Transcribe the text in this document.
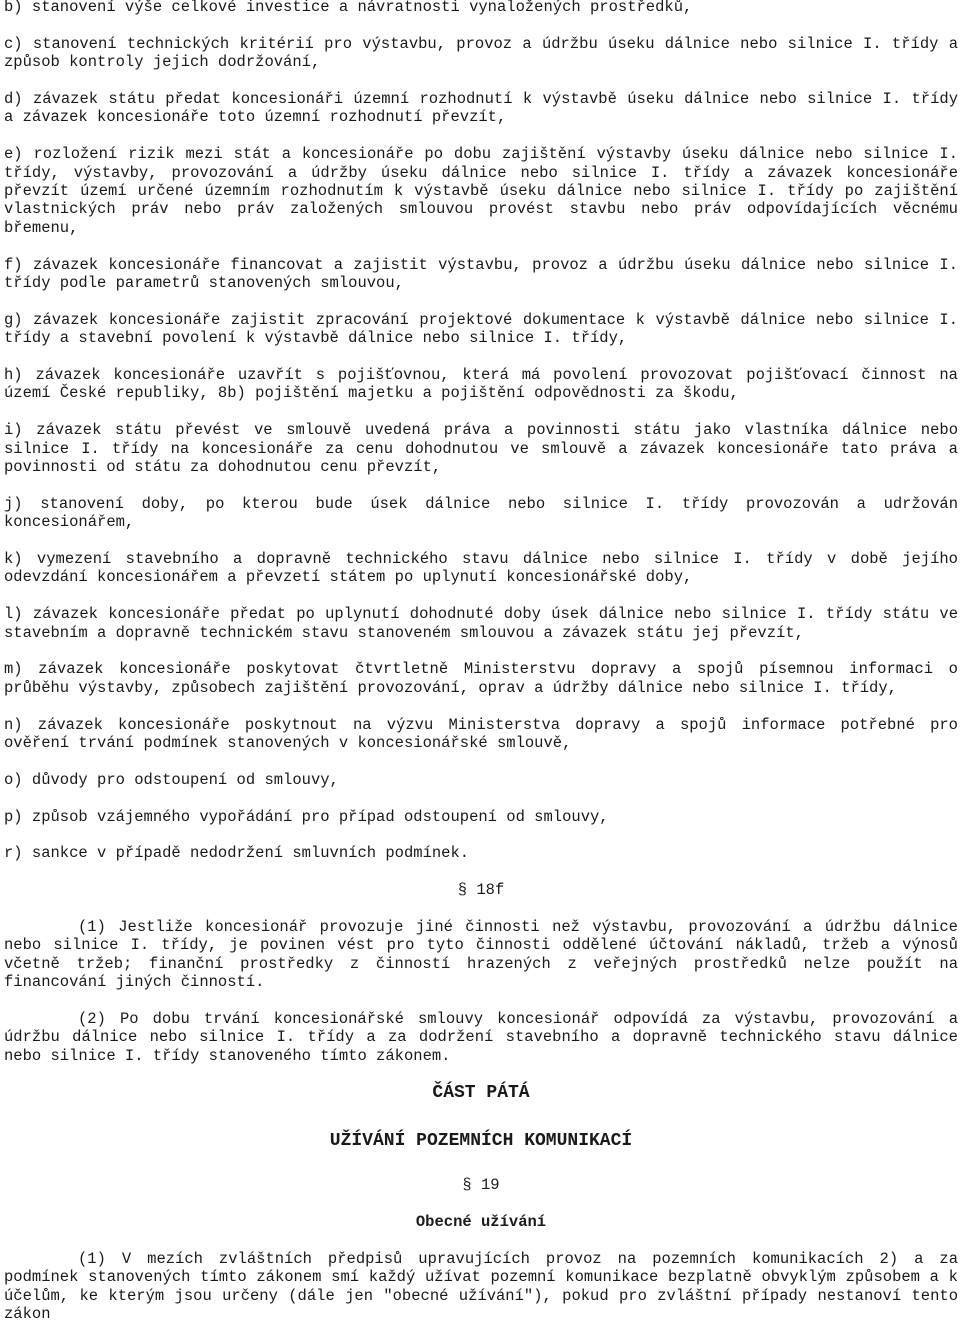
b) stanovení výše celkové investice a návratnosti vynaložených prostředků,

c) stanovení technických kritérií pro výstavbu, provoz a údržbu úseku dálnice nebo silnice I. třídy a způsob kontroly jejich dodržování,

d) závazek státu předat koncesionáři územní rozhodnutí k výstavbě úseku dálnice nebo silnice I. třídy a závazek koncesionáře toto územní rozhodnutí převzít,

e) rozložení rizik mezi stát a koncesionáře po dobu zajištění výstavby úseku dálnice nebo silnice I. třídy, výstavby, provozování a údržby úseku dálnice nebo silnice I. třídy a závazek koncesionáře převzít území určené územním rozhodnutím k výstavbě úseku dálnice nebo silnice I. třídy po zajištění vlastnických práv nebo práv založených smlouvou provést stavbu nebo práv odpovídajících věcnému břemenu,

f) závazek koncesionáře financovat a zajistit výstavbu, provoz a údržbu úseku dálnice nebo silnice I. třídy podle parametrů stanovených smlouvou,

g) závazek koncesionáře zajistit zpracování projektové dokumentace k výstavbě dálnice nebo silnice I. třídy a stavební povolení k výstavbě dálnice nebo silnice I. třídy,

h) závazek koncesionáře uzavřít s pojišťovnou, která má povolení provozovat pojišťovací činnost na území České republiky, 8b) pojištění majetku a pojištění odpovědnosti za škodu,

i) závazek státu převést ve smlouvě uvedená práva a povinnosti státu jako vlastníka dálnice nebo silnice I. třídy na koncesionáře za cenu dohodnutou ve smlouvě a závazek koncesionáře tato práva a povinnosti od státu za dohodnutou cenu převzít,

j) stanovení doby, po kterou bude úsek dálnice nebo silnice I. třídy provozován a udržován koncesionářem,

k) vymezení stavebního a dopravně technického stavu dálnice nebo silnice I. třídy v době jejího odevzdání koncesionářem a převzetí státem po uplynutí koncesionářské doby,

l) závazek koncesionáře předat po uplynutí dohodnuté doby úsek dálnice nebo silnice I. třídy státu ve stavebním a dopravně technickém stavu stanoveném smlouvou a závazek státu jej převzít,

m) závazek koncesionáře poskytovat čtvrtletně Ministerstvu dopravy a spojů písemnou informaci o průběhu výstavby, způsobech zajištění provozování, oprav a údržby dálnice nebo silnice I. třídy,

n) závazek koncesionáře poskytnout na výzvu Ministerstva dopravy a spojů informace potřebné pro ověření trvání podmínek stanovených v koncesionářské smlouvě,

o) důvody pro odstoupení od smlouvy,

p) způsob vzájemného vypořádání pro případ odstoupení od smlouvy,

r) sankce v případě nedodržení smluvních podmínek.

§ 18f

(1) Jestliže koncesionář provozuje jiné činnosti než výstavbu, provozování a údržbu dálnice nebo silnice I. třídy, je povinen vést pro tyto činnosti oddělené účtování nákladů, tržeb a výnosů včetně tržeb; finanční prostředky z činností hrazených z veřejných prostředků nelze použít na financování jiných činností.

(2) Po dobu trvání koncesionářské smlouvy koncesionář odpovídá za výstavbu, provozování a údržbu dálnice nebo silnice I. třídy a za dodržení stavebního a dopravně technického stavu dálnice nebo silnice I. třídy stanoveného tímto zákonem.

ČÁST PÁTÁ
UŽÍVÁNÍ POZEMNÍCH KOMUNIKACÍ
§ 19
Obecné užívání

(1) V mezích zvláštních předpisů upravujících provoz na pozemních komunikacích 2) a za podmínek stanovených tímto zákonem smí každý užívat pozemní komunikace bezplatně obvyklým způsobem a k účelům, ke kterým jsou určeny (dále jen "obecné užívání"), pokud pro zvláštní případy nestanoví tento zákon
